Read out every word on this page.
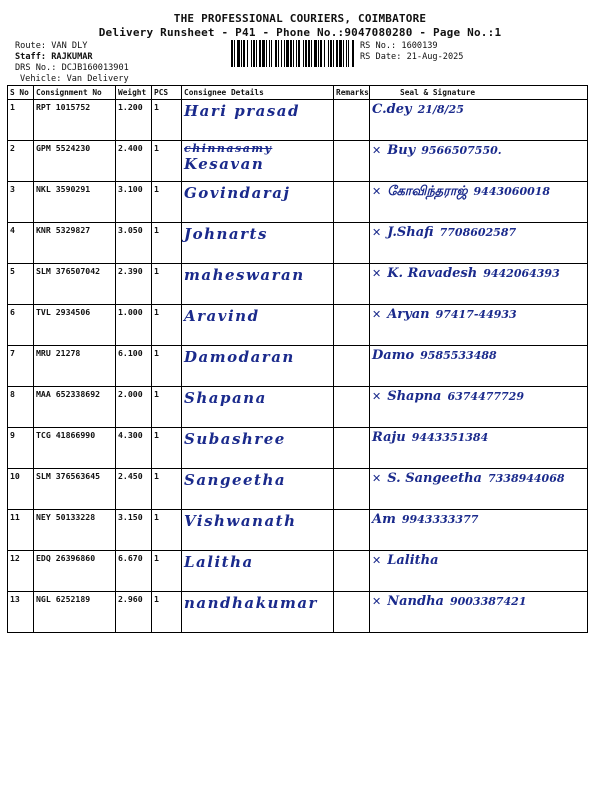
THE PROFESSIONAL COURIERS, COIMBATORE
Delivery Runsheet - P41 - Phone No.:9047080280 - Page No.:1
Route: VAN DLY
Staff: RAJKUMAR
DRS No.: DCJB160013901
Vehicle: Van Delivery
RS No.: 1600139
RS Date: 21-Aug-2025
S No	Consignment No	Weight	PCS	Consignee Details	Remarks	Seal & Signature
1	RPT 1015752	1.200	1	Hari prasad		C.dey 21/8/25
2	GPM 5524230	2.400	1	chinnasamy
Kesavan		✕ Buy 9566507550.
3	NKL 3590291	3.100	1	Govindaraj		✕ கோவிந்தராஜ் 9443060018
4	KNR 5329827	3.050	1	Johnarts		✕ J.Shafi 7708602587
5	SLM 376507042	2.390	1	maheswaran		✕ K. Ravadesh 9442064393
6	TVL 2934506	1.000	1	Aravind		✕ Aryan 97417-44933
7	MRU 21278	6.100	1	Damodaran		Damo 9585533488
8	MAA 652338692	2.000	1	Shapana		✕ Shapna 6374477729
9	TCG 41866990	4.300	1	Subashree		Raju 9443351384
10	SLM 376563645	2.450	1	Sangeetha		✕ S. Sangeetha 7338944068
11	NEY 50133228	3.150	1	Vishwanath		Am 9943333377
12	EDQ 26396860	6.670	1	Lalitha		✕ Lalitha
13	NGL 6252189	2.960	1	nandhakumar		✕ Nandha 9003387421
